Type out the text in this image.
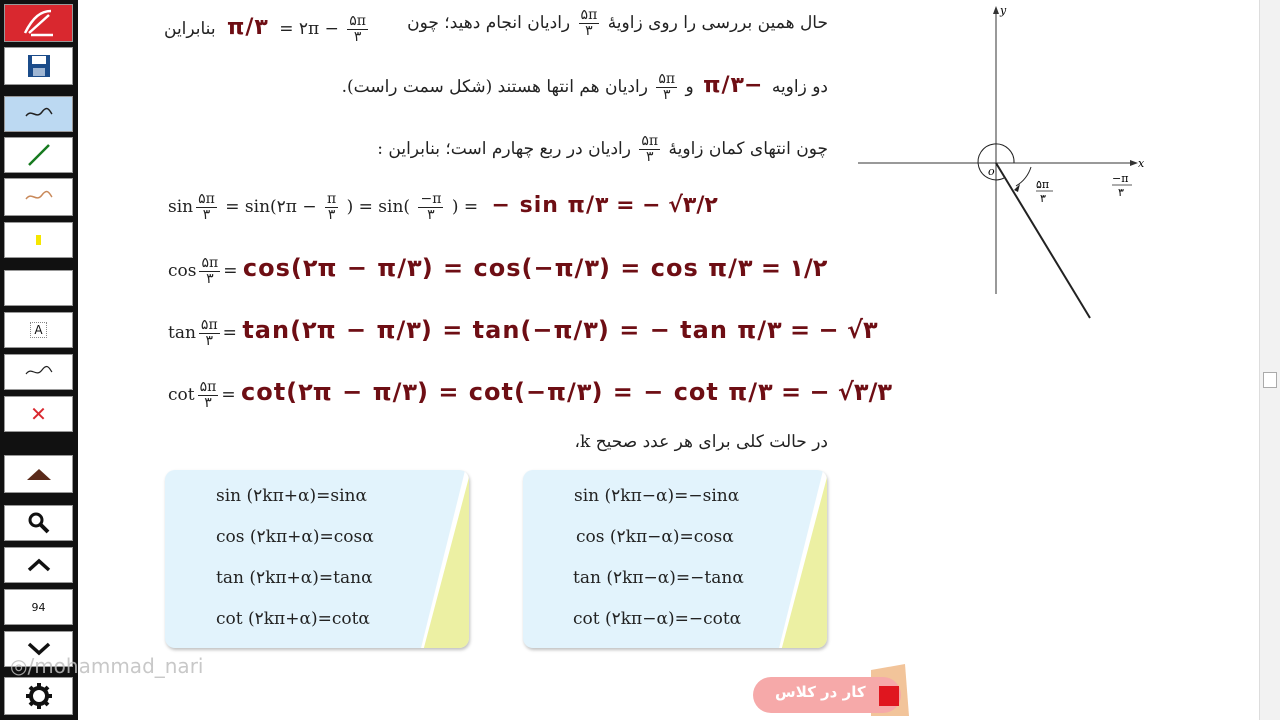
A
✕
94
حال همین بررسی را روی زاویهٔ
$\frac{۵\pi}{۳}$
رادیان انجام دهید؛ چون
بنابراین π/۳ = ۲π − $\frac{۵\pi}{۳}$
دو زاویه −π/۳ و
$\frac{۵\pi}{۳}$
رادیان هم انتها هستند (شکل سمت راست).
چون انتهای کمان زاویهٔ
$\frac{۵\pi}{۳}$
رادیان در ربع چهارم است؛ بنابراین :
$\sin \frac{۵\pi}{۳}$ = sin(۲π − $\frac{\pi}{۳}$ ) = $\sin( \frac{-\pi}{۳}$ ) = − sin π/۳ = − √۳/۲
$\cos \frac{۵\pi}{۳}$ = cos(۲π − π/۳) = cos(−π/۳) = cos π/۳ = ۱/۲
$\tan \frac{۵\pi}{۳}$ = tan(۲π − π/۳) = tan(−π/۳) = − tan π/۳ = − √۳
$\cot \frac{۵\pi}{۳}$ = cot(۲π − π/۳) = cot(−π/۳) = − cot π/۳ = − √۳/۳
در حالت کلی برای هر عدد صحیح k،
sin (۲kπ+α)=sinα
cos (۲kπ+α)=cosα
tan (۲kπ+α)=tanα
cot (۲kπ+α)=cotα
sin (۲kπ−α)=−sinα
cos (۲kπ−α)=cosα
tan (۲kπ−α)=−tanα
cot (۲kπ−α)=−cotα
y
x
o
۵π
۳
−π
۳
کار در کلاس
◎/mohammad_nari
